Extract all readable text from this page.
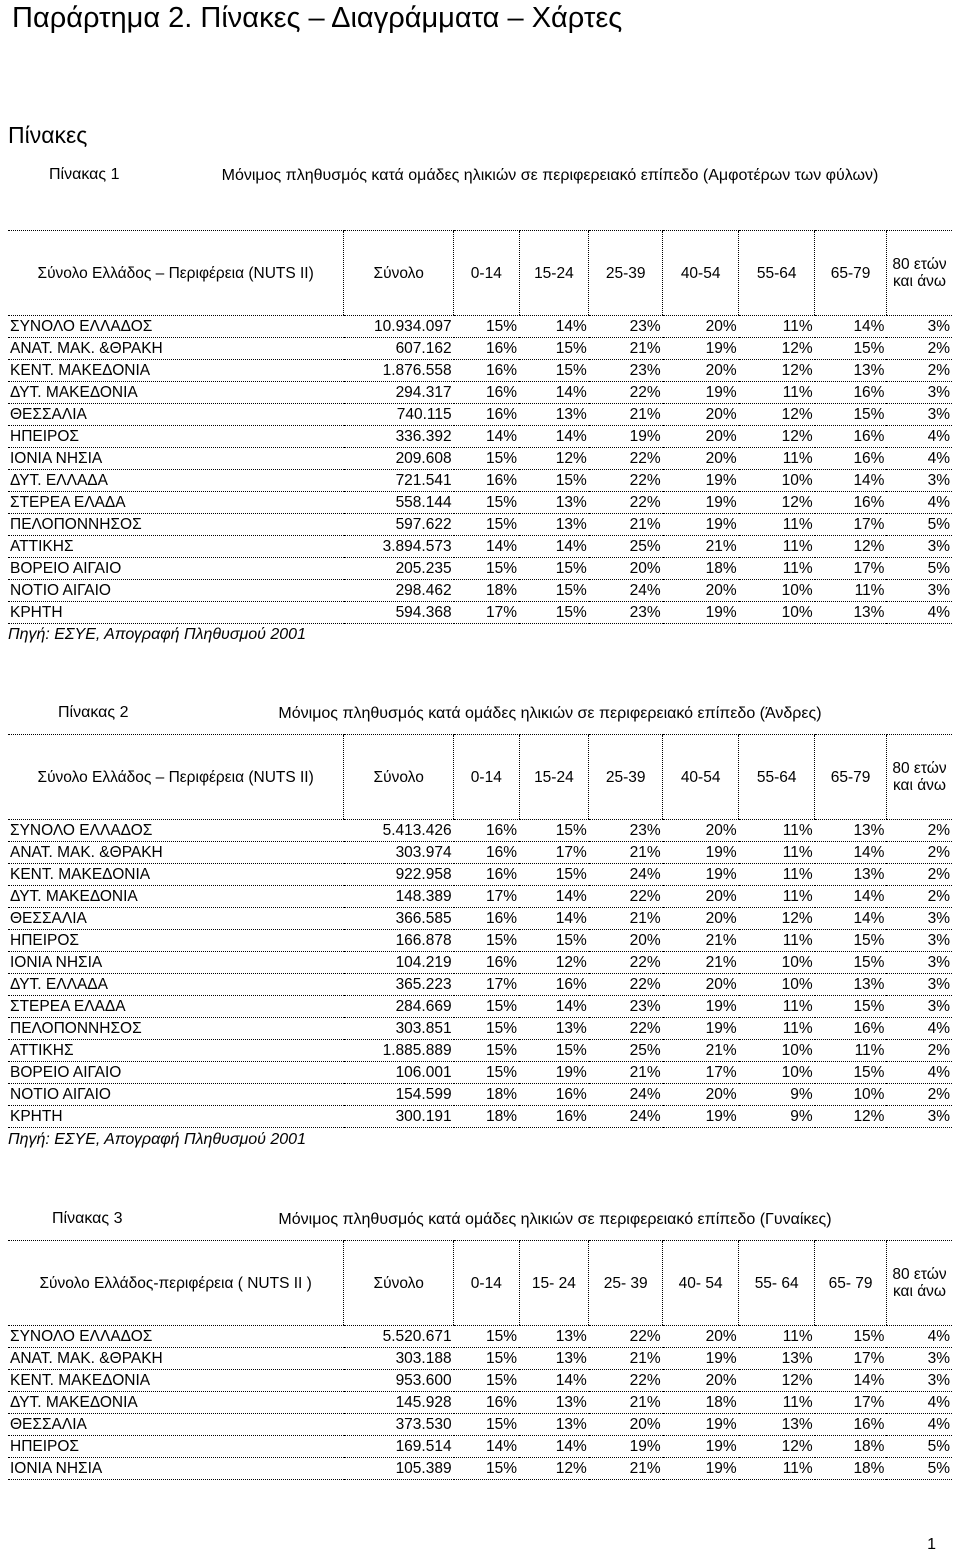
Παράρτημα 2. Πίνακες – Διαγράμματα – Χάρτες
Πίνακες
Πίνακας 1	Μόνιμος πληθυσμός κατά ομάδες ηλικιών σε περιφερειακό επίπεδο (Αμφοτέρων των φύλων)
Σύνολο Ελλάδος – Περιφέρεια (NUTS II)	Σύνολο	0-14	15-24	25-39	40-54	55-64	65-79	80 ετών και άνω
ΣΥΝΟΛΟ ΕΛΛΑΔΟΣ	10.934.097	15%	14%	23%	20%	11%	14%	3%
ΑΝΑΤ. ΜΑΚ. &ΘΡΑΚΗ	607.162	16%	15%	21%	19%	12%	15%	2%
ΚΕΝΤ. ΜΑΚΕΔΟΝΙΑ	1.876.558	16%	15%	23%	20%	12%	13%	2%
ΔΥΤ. ΜΑΚΕΔΟΝΙΑ	294.317	16%	14%	22%	19%	11%	16%	3%
ΘΕΣΣΑΛΙΑ	740.115	16%	13%	21%	20%	12%	15%	3%
ΗΠΕΙΡΟΣ	336.392	14%	14%	19%	20%	12%	16%	4%
ΙΟΝΙΑ ΝΗΣΙΑ	209.608	15%	12%	22%	20%	11%	16%	4%
ΔΥΤ. ΕΛΛΑΔΑ	721.541	16%	15%	22%	19%	10%	14%	3%
ΣΤΕΡΕΑ ΕΛΑΔΑ	558.144	15%	13%	22%	19%	12%	16%	4%
ΠΕΛΟΠΟΝΝΗΣΟΣ	597.622	15%	13%	21%	19%	11%	17%	5%
ΑΤΤΙΚΗΣ	3.894.573	14%	14%	25%	21%	11%	12%	3%
ΒΟΡΕΙΟ ΑΙΓΑΙΟ	205.235	15%	15%	20%	18%	11%	17%	5%
ΝΟΤΙΟ ΑΙΓΑΙΟ	298.462	18%	15%	24%	20%	10%	11%	3%
ΚΡΗΤΗ	594.368	17%	15%	23%	19%	10%	13%	4%
Πηγή: ΕΣΥΕ, Απογραφή Πληθυσμού 2001
Πίνακας 2	Μόνιμος πληθυσμός κατά ομάδες ηλικιών σε περιφερειακό επίπεδο (Άνδρες)
Σύνολο Ελλάδος – Περιφέρεια (NUTS II)	Σύνολο	0-14	15-24	25-39	40-54	55-64	65-79	80 ετών και άνω
ΣΥΝΟΛΟ ΕΛΛΑΔΟΣ	5.413.426	16%	15%	23%	20%	11%	13%	2%
ΑΝΑΤ. ΜΑΚ. &ΘΡΑΚΗ	303.974	16%	17%	21%	19%	11%	14%	2%
ΚΕΝΤ. ΜΑΚΕΔΟΝΙΑ	922.958	16%	15%	24%	19%	11%	13%	2%
ΔΥΤ. ΜΑΚΕΔΟΝΙΑ	148.389	17%	14%	22%	20%	11%	14%	2%
ΘΕΣΣΑΛΙΑ	366.585	16%	14%	21%	20%	12%	14%	3%
ΗΠΕΙΡΟΣ	166.878	15%	15%	20%	21%	11%	15%	3%
ΙΟΝΙΑ ΝΗΣΙΑ	104.219	16%	12%	22%	21%	10%	15%	3%
ΔΥΤ. ΕΛΛΑΔΑ	365.223	17%	16%	22%	20%	10%	13%	3%
ΣΤΕΡΕΑ ΕΛΑΔΑ	284.669	15%	14%	23%	19%	11%	15%	3%
ΠΕΛΟΠΟΝΝΗΣΟΣ	303.851	15%	13%	22%	19%	11%	16%	4%
ΑΤΤΙΚΗΣ	1.885.889	15%	15%	25%	21%	10%	11%	2%
ΒΟΡΕΙΟ ΑΙΓΑΙΟ	106.001	15%	19%	21%	17%	10%	15%	4%
ΝΟΤΙΟ ΑΙΓΑΙΟ	154.599	18%	16%	24%	20%	9%	10%	2%
ΚΡΗΤΗ	300.191	18%	16%	24%	19%	9%	12%	3%
Πηγή: ΕΣΥΕ, Απογραφή Πληθυσμού 2001
Πίνακας 3	Μόνιμος πληθυσμός κατά ομάδες ηλικιών σε περιφερειακό επίπεδο (Γυναίκες)
Σύνολο Ελλάδος-περιφέρεια ( NUTS II )	Σύνολο	0-14	15- 24	25- 39	40- 54	55- 64	65- 79	80 ετών και άνω
ΣΥΝΟΛΟ ΕΛΛΑΔΟΣ	5.520.671	15%	13%	22%	20%	11%	15%	4%
ΑΝΑΤ. ΜΑΚ. &ΘΡΑΚΗ	303.188	15%	13%	21%	19%	13%	17%	3%
ΚΕΝΤ. ΜΑΚΕΔΟΝΙΑ	953.600	15%	14%	22%	20%	12%	14%	3%
ΔΥΤ. ΜΑΚΕΔΟΝΙΑ	145.928	16%	13%	21%	18%	11%	17%	4%
ΘΕΣΣΑΛΙΑ	373.530	15%	13%	20%	19%	13%	16%	4%
ΗΠΕΙΡΟΣ	169.514	14%	14%	19%	19%	12%	18%	5%
ΙΟΝΙΑ ΝΗΣΙΑ	105.389	15%	12%	21%	19%	11%	18%	5%
1
